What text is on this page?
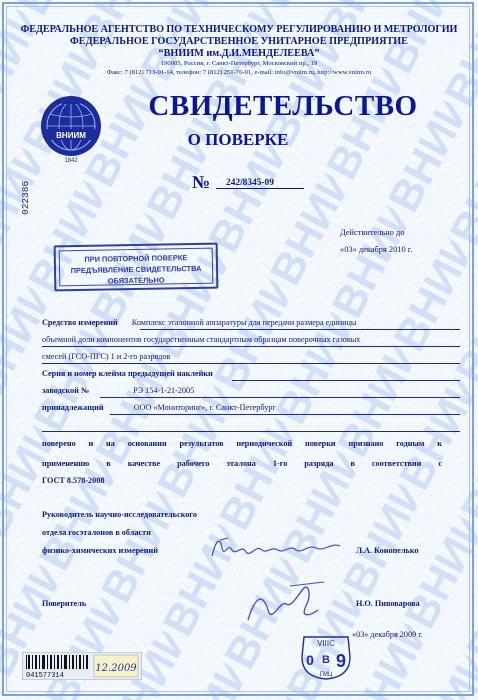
ФЕДЕРАЛЬНОЕ АГЕНТСТВО ПО ТЕХНИЧЕСКОМУ РЕГУЛИРОВАНИЮ И МЕТРОЛОГИИ
ФЕДЕРАЛЬНОЕ ГОСУДАРСТВЕННОЕ УНИТАРНОЕ ПРЕДПРИЯТИЕ
“ВНИИМ им.Д.И.МЕНДЕЛЕЕВА”
190005, Россия, г. Санкт-Петербург, Московский пр., 19
Факс: 7 (812) 713-01-14, телефон: 7 (812) 251-76-01, e-mail: info@vniim.ru, http://www.vniim.ru
ВНИИМ
1842
СВИДЕТЕЛЬСТВО
О ПОВЕРКЕ
№	242/8345-09
022386
Действительно до
«03» декабря 2010 г.
ПРИ ПОВТОРНОЙ ПОВЕРКЕ
ПРЕДЪЯВЛЕНИЕ СВИДЕТЕЛЬСТВА
ОБЯЗАТЕЛЬНО
Средство измерений Комплекс эталонной аппаратуры для передачи размера единицы
объемной доли компонентов государственным стандартным образцам поверочных газовых
смесей (ГСО-ПГС) 1 и 2-го разрядов
Серия и номер клейма предыдущей наклейки
заводской №	РЭ 154-1-21-2005
принадлежащий	ООО «Мониторинг», г. Санкт-Петербург
поверено и на основании результатов периодической поверки признано годным к
применению в качестве рабочего эталона 1-го разряда в соответствии с
ГОСТ 8.578-2008
Руководитель научно-исследовательского
отдела госэталонов в области
физико-химических измерений	Л.А. Конопелько
Поверитель	Н.О. Пивоварова
«03» декабря 2009 г.
VIIIC
0 B 9
ГМЦ
041577314
12.2009
